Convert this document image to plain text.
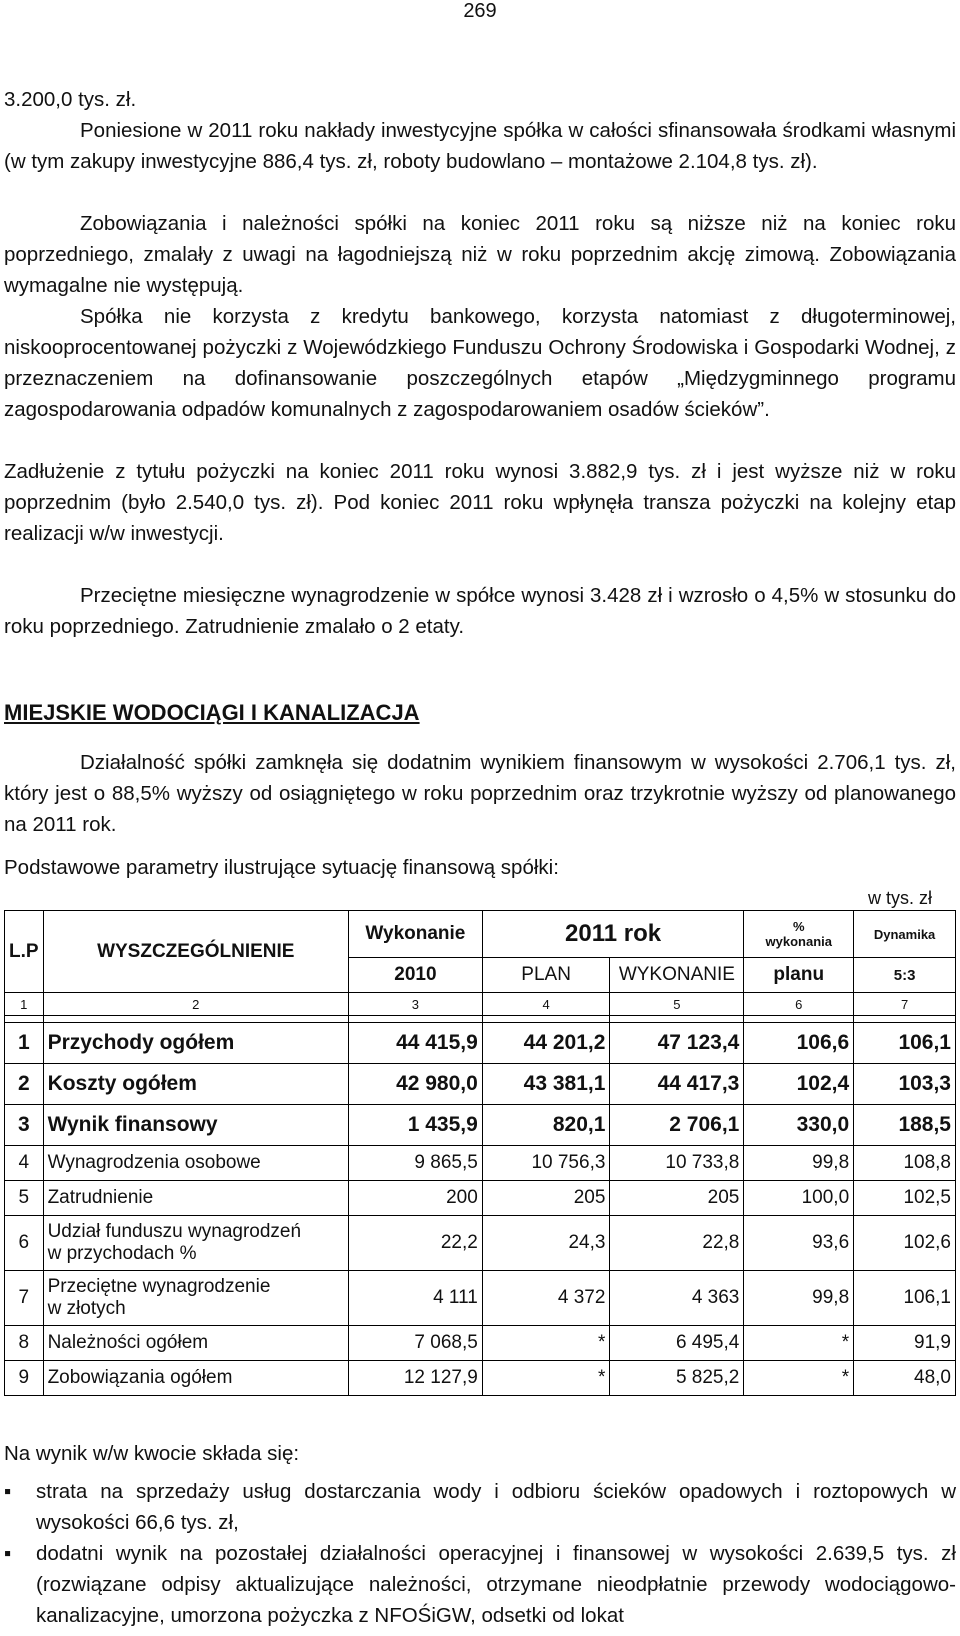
269

3.200,0 tys. zł.

Poniesione w 2011 roku nakłady inwestycyjne spółka w całości sfinansowała środkami własnymi (w tym zakupy inwestycyjne 886,4 tys. zł, roboty budowlano – montażowe 2.104,8 tys. zł).

Zobowiązania i należności spółki na koniec 2011 roku są niższe niż na koniec roku poprzedniego, zmalały z uwagi na łagodniejszą niż w roku poprzednim akcję zimową. Zobowiązania wymagalne nie występują.

Spółka nie korzysta z kredytu bankowego, korzysta natomiast z długoterminowej, niskooprocentowanej pożyczki z Wojewódzkiego Funduszu Ochrony Środowiska i Gospodarki Wodnej, z przeznaczeniem na dofinansowanie poszczególnych etapów „Międzygminnego programu zagospodarowania odpadów komunalnych z zagospodarowaniem osadów ścieków”.

Zadłużenie z tytułu pożyczki na koniec 2011 roku wynosi 3.882,9 tys. zł i jest wyższe niż w roku poprzednim (było 2.540,0 tys. zł). Pod koniec 2011 roku wpłynęła transza pożyczki na kolejny etap realizacji w/w inwestycji.

Przeciętne miesięczne wynagrodzenie w spółce wynosi 3.428 zł i wzrosło o 4,5% w stosunku do roku poprzedniego. Zatrudnienie zmalało o 2 etaty.

MIEJSKIE WODOCIĄGI I KANALIZACJA

Działalność spółki zamknęła się dodatnim wynikiem finansowym w wysokości 2.706,1 tys. zł, który jest o 88,5% wyższy od osiągniętego w roku poprzednim oraz trzykrotnie wyższy od planowanego na 2011 rok.

Podstawowe parametry ilustrujące sytuację finansową spółki:

w tys. zł
L.P	WYSZCZEGÓLNIENIE	Wykonanie	2011 rok		%
wykonania	Dynamika
		2010	PLAN	WYKONANIE	planu	5:3
1	2	3	4	5	6	7

1	Przychody ogółem	44 415,9	44 201,2	47 123,4	106,6	106,1
2	Koszty ogółem	42 980,0	43 381,1	44 417,3	102,4	103,3
3	Wynik finansowy	1 435,9	820,1	2 706,1	330,0	188,5
4	Wynagrodzenia osobowe	9 865,5	10 756,3	10 733,8	99,8	108,8
5	Zatrudnienie	200	205	205	100,0	102,5
6	Udział funduszu wynagrodzeń
w przychodach %	22,2	24,3	22,8	93,6	102,6
7	Przeciętne wynagrodzenie
w złotych	4 111	4 372	4 363	99,8	106,1
8	Należności ogółem	7 068,5	*	6 495,4	*	91,9
9	Zobowiązania ogółem	12 127,9	*	5 825,2	*	48,0

Na wynik w/w kwocie składa się:

▪ strata na sprzedaży usług dostarczania wody i odbioru ścieków opadowych i roztopowych w wysokości 66,6 tys. zł,
▪ dodatni wynik na pozostałej działalności operacyjnej i finansowej w wysokości 2.639,5 tys. zł (rozwiązane odpisy aktualizujące należności, otrzymane nieodpłatnie przewody wodociągowo-kanalizacyjne, umorzona pożyczka z NFOŚiGW, odsetki od lokat
